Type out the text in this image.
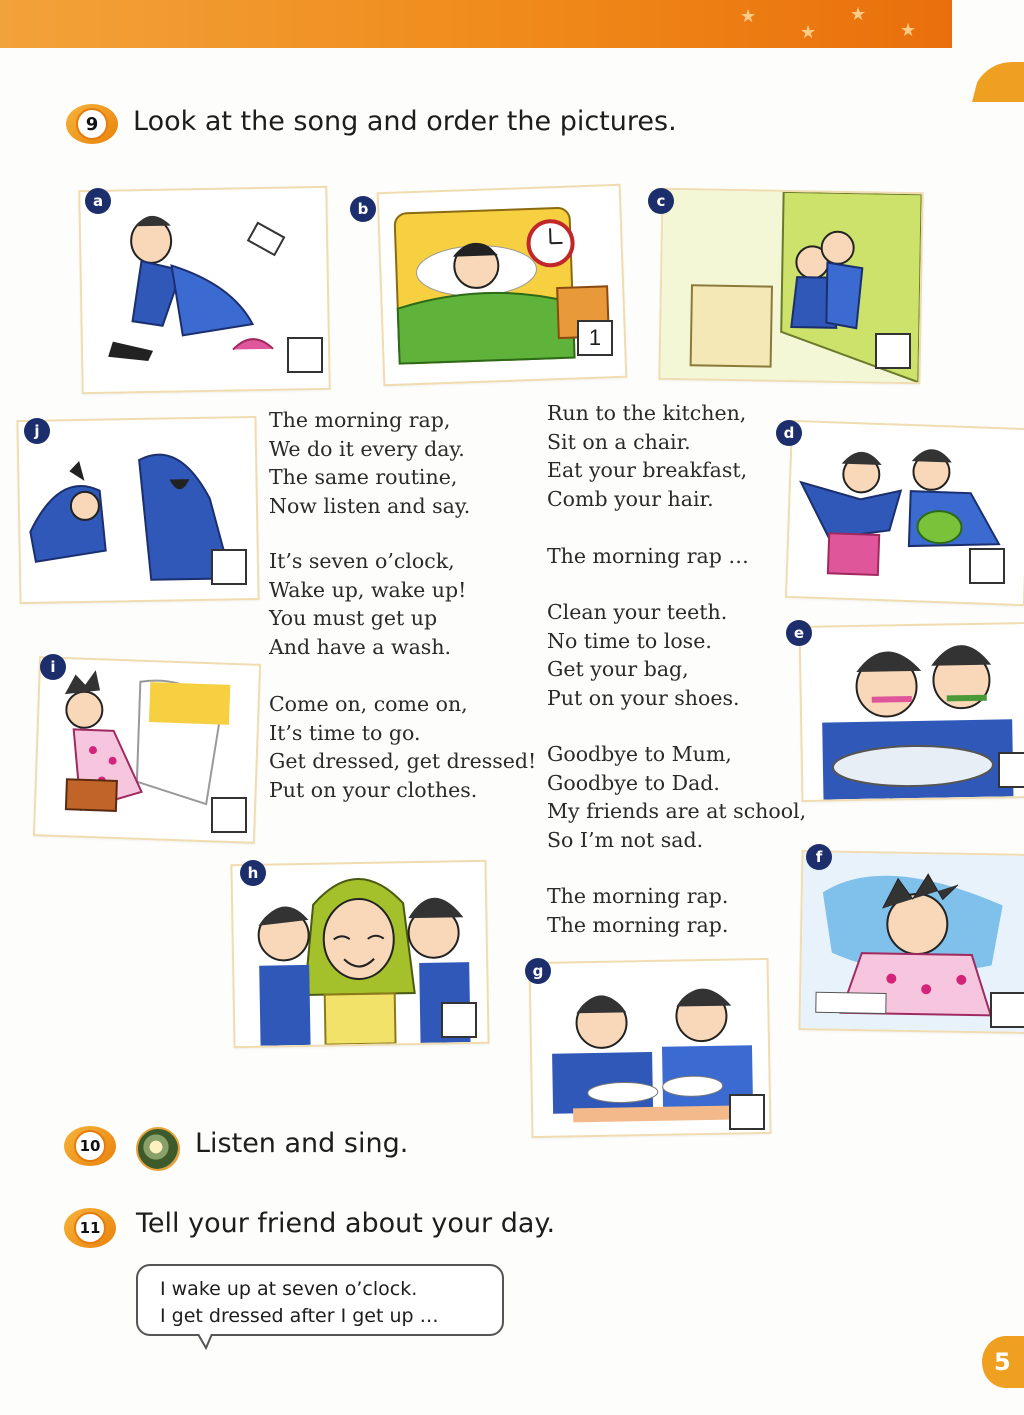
★
★
★
★
9	Look at the song and order the pictures.
a	b
1
c
j
i
h
d
e
f
g
The morning rap,
We do it every day.
The same routine,
Now listen and say.
It’s seven o’clock,
Wake up, wake up!
You must get up
And have a wash.
Come on, come on,
It’s time to go.
Get dressed, get dressed!
Put on your clothes.
Run to the kitchen,
Sit on a chair.
Eat your breakfast,
Comb your hair.
The morning rap …
Clean your teeth.
No time to lose.
Get your bag,
Put on your shoes.
Goodbye to Mum,
Goodbye to Dad.
My friends are at school,
So I’m not sad.
The morning rap.
The morning rap.
10	Listen and sing.
11 Tell your friend about your day.
I wake up at seven o’clock.
I get dressed after I get up …
5
